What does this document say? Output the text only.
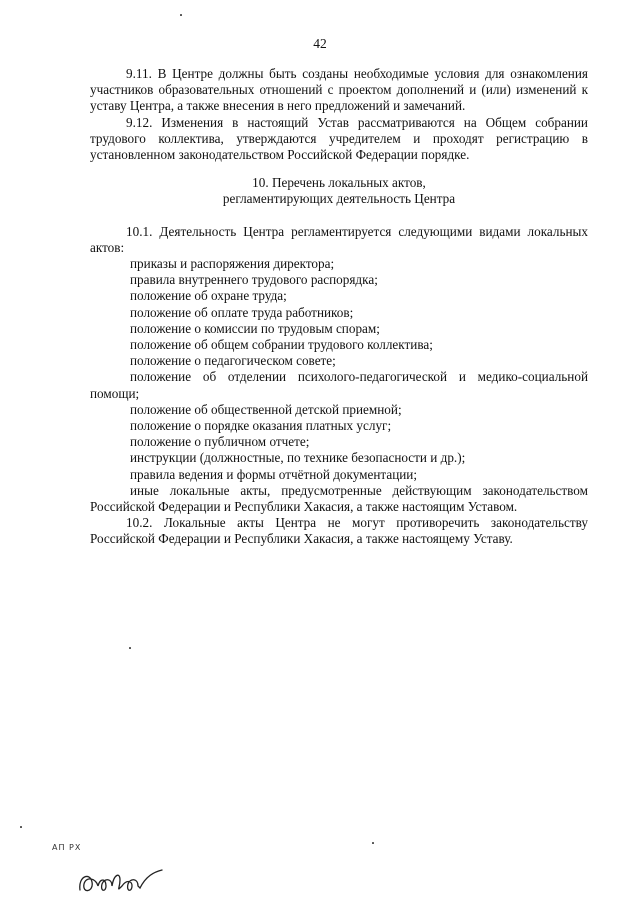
42

9.11. В Центре должны быть созданы необходимые условия для ознакомления участников образовательных отношений с проектом дополнений и (или) изменений к уставу Центра, а также внесения в него предложений и замечаний.

9.12. Изменения в настоящий Устав рассматриваются на Общем собрании трудового коллектива, утверждаются учредителем и проходят регистрацию в установленном законодательством Российской Федерации порядке.

10. Перечень локальных актов,
регламентирующих деятельность Центра

10.1. Деятельность Центра регламентируется следующими видами локальных актов:

приказы и распоряжения директора;

правила внутреннего трудового распорядка;

положение об охране труда;

положение об оплате труда работников;

положение о комиссии по трудовым спорам;

положение об общем собрании трудового коллектива;

положение о педагогическом совете;

положение об отделении психолого-педагогической и медико-социальной помощи;

положение об общественной детской приемной;

положение о порядке оказания платных услуг;

положение о публичном отчете;

инструкции (должностные, по технике безопасности и др.);

правила ведения и формы отчётной документации;

иные локальные акты, предусмотренные действующим законодательством Российской Федерации и Республики Хакасия, а также настоящим Уставом.

10.2. Локальные акты Центра не могут противоречить законодательству Российской Федерации и Республики Хакасия, а также настоящему Уставу.

АП РХ
